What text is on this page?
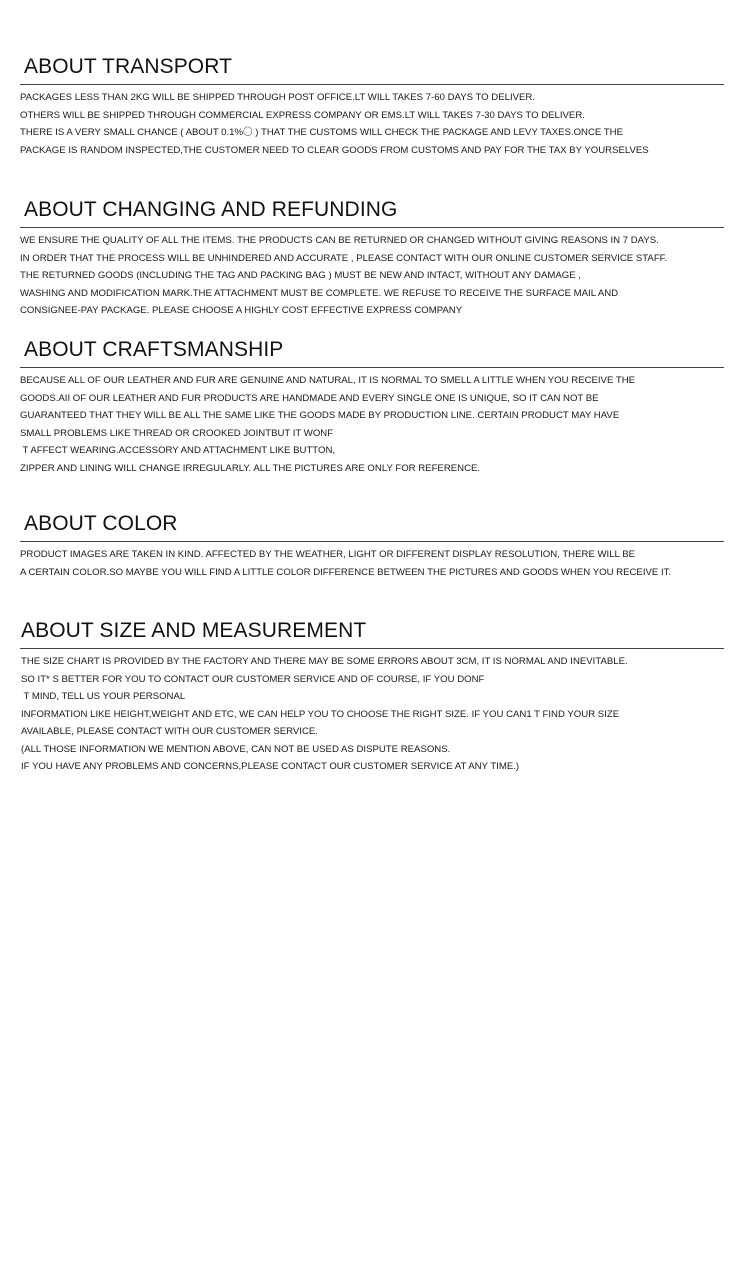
ABOUT TRANSPORT
PACKAGES LESS THAN 2KG WILL BE SHIPPED THROUGH POST OFFICE.LT WILL TAKES 7-60 DAYS TO DELIVER.
OTHERS WILL BE SHIPPED THROUGH COMMERCIAL EXPRESS COMPANY OR EMS.LT WILL TAKES 7-30 DAYS TO DELIVER.
THERE IS A VERY SMALL CHANCE ( ABOUT 0.1%〇 ) THAT THE CUSTOMS WILL CHECK THE PACKAGE AND LEVY TAXES.ONCE THE
PACKAGE IS RANDOM INSPECTED,THE CUSTOMER NEED TO CLEAR GOODS FROM CUSTOMS AND PAY FOR THE TAX BY YOURSELVES
ABOUT CHANGING AND REFUNDING
WE ENSURE THE QUALITY OF ALL THE ITEMS. THE PRODUCTS CAN BE RETURNED OR CHANGED WITHOUT GIVING REASONS IN 7 DAYS.
IN ORDER THAT THE PROCESS WILL BE UNHINDERED AND ACCURATE , PLEASE CONTACT WITH OUR ONLINE CUSTOMER SERVICE STAFF.
THE RETURNED GOODS (INCLUDING THE TAG AND PACKING BAG ) MUST BE NEW AND INTACT, WITHOUT ANY DAMAGE ,
WASHING AND MODIFICATION MARK.THE ATTACHMENT MUST BE COMPLETE. WE REFUSE TO RECEIVE THE SURFACE MAIL AND
CONSIGNEE-PAY PACKAGE. PLEASE CHOOSE A HIGHLY COST EFFECTIVE EXPRESS COMPANY
ABOUT CRAFTSMANSHIP
BECAUSE ALL OF OUR LEATHER AND FUR ARE GENUINE AND NATURAL, IT IS NORMAL TO SMELL A LITTLE WHEN YOU RECEIVE THE
GOODS.AII OF OUR LEATHER AND FUR PRODUCTS ARE HANDMADE AND EVERY SINGLE ONE IS UNIQUE, SO IT CAN NOT BE
GUARANTEED THAT THEY WILL BE ALL THE SAME LIKE THE GOODS MADE BY PRODUCTION LINE. CERTAIN PRODUCT MAY HAVE
SMALL PROBLEMS LIKE THREAD OR CROOKED JOINTBUT IT WONF
T AFFECT WEARING.ACCESSORY AND ATTACHMENT LIKE BUTTON,
ZIPPER AND LINING WILL CHANGE IRREGULARLY. ALL THE PICTURES ARE ONLY FOR REFERENCE.
ABOUT COLOR
PRODUCT IMAGES ARE TAKEN IN KIND. AFFECTED BY THE WEATHER, LIGHT OR DIFFERENT DISPLAY RESOLUTION, THERE WILL BE
A CERTAIN COLOR.SO MAYBE YOU WILL FIND A LITTLE COLOR DIFFERENCE BETWEEN THE PICTURES AND GOODS WHEN YOU RECEIVE IT.
ABOUT SIZE AND MEASUREMENT
THE SIZE CHART IS PROVIDED BY THE FACTORY AND THERE MAY BE SOME ERRORS ABOUT 3CM, IT IS NORMAL AND INEVITABLE.
SO IT* S BETTER FOR YOU TO CONTACT OUR CUSTOMER SERVICE AND OF COURSE, IF YOU DONF
T MIND, TELL US YOUR PERSONAL
INFORMATION LIKE HEIGHT,WEIGHT AND ETC, WE CAN HELP YOU TO CHOOSE THE RIGHT SIZE. IF YOU CAN1 T FIND YOUR SIZE
AVAILABLE, PLEASE CONTACT WITH OUR CUSTOMER SERVICE.
(ALL THOSE INFORMATION WE MENTION ABOVE, CAN NOT BE USED AS DISPUTE REASONS.
IF YOU HAVE ANY PROBLEMS AND CONCERNS,PLEASE CONTACT OUR CUSTOMER SERVICE AT ANY TIME.)
